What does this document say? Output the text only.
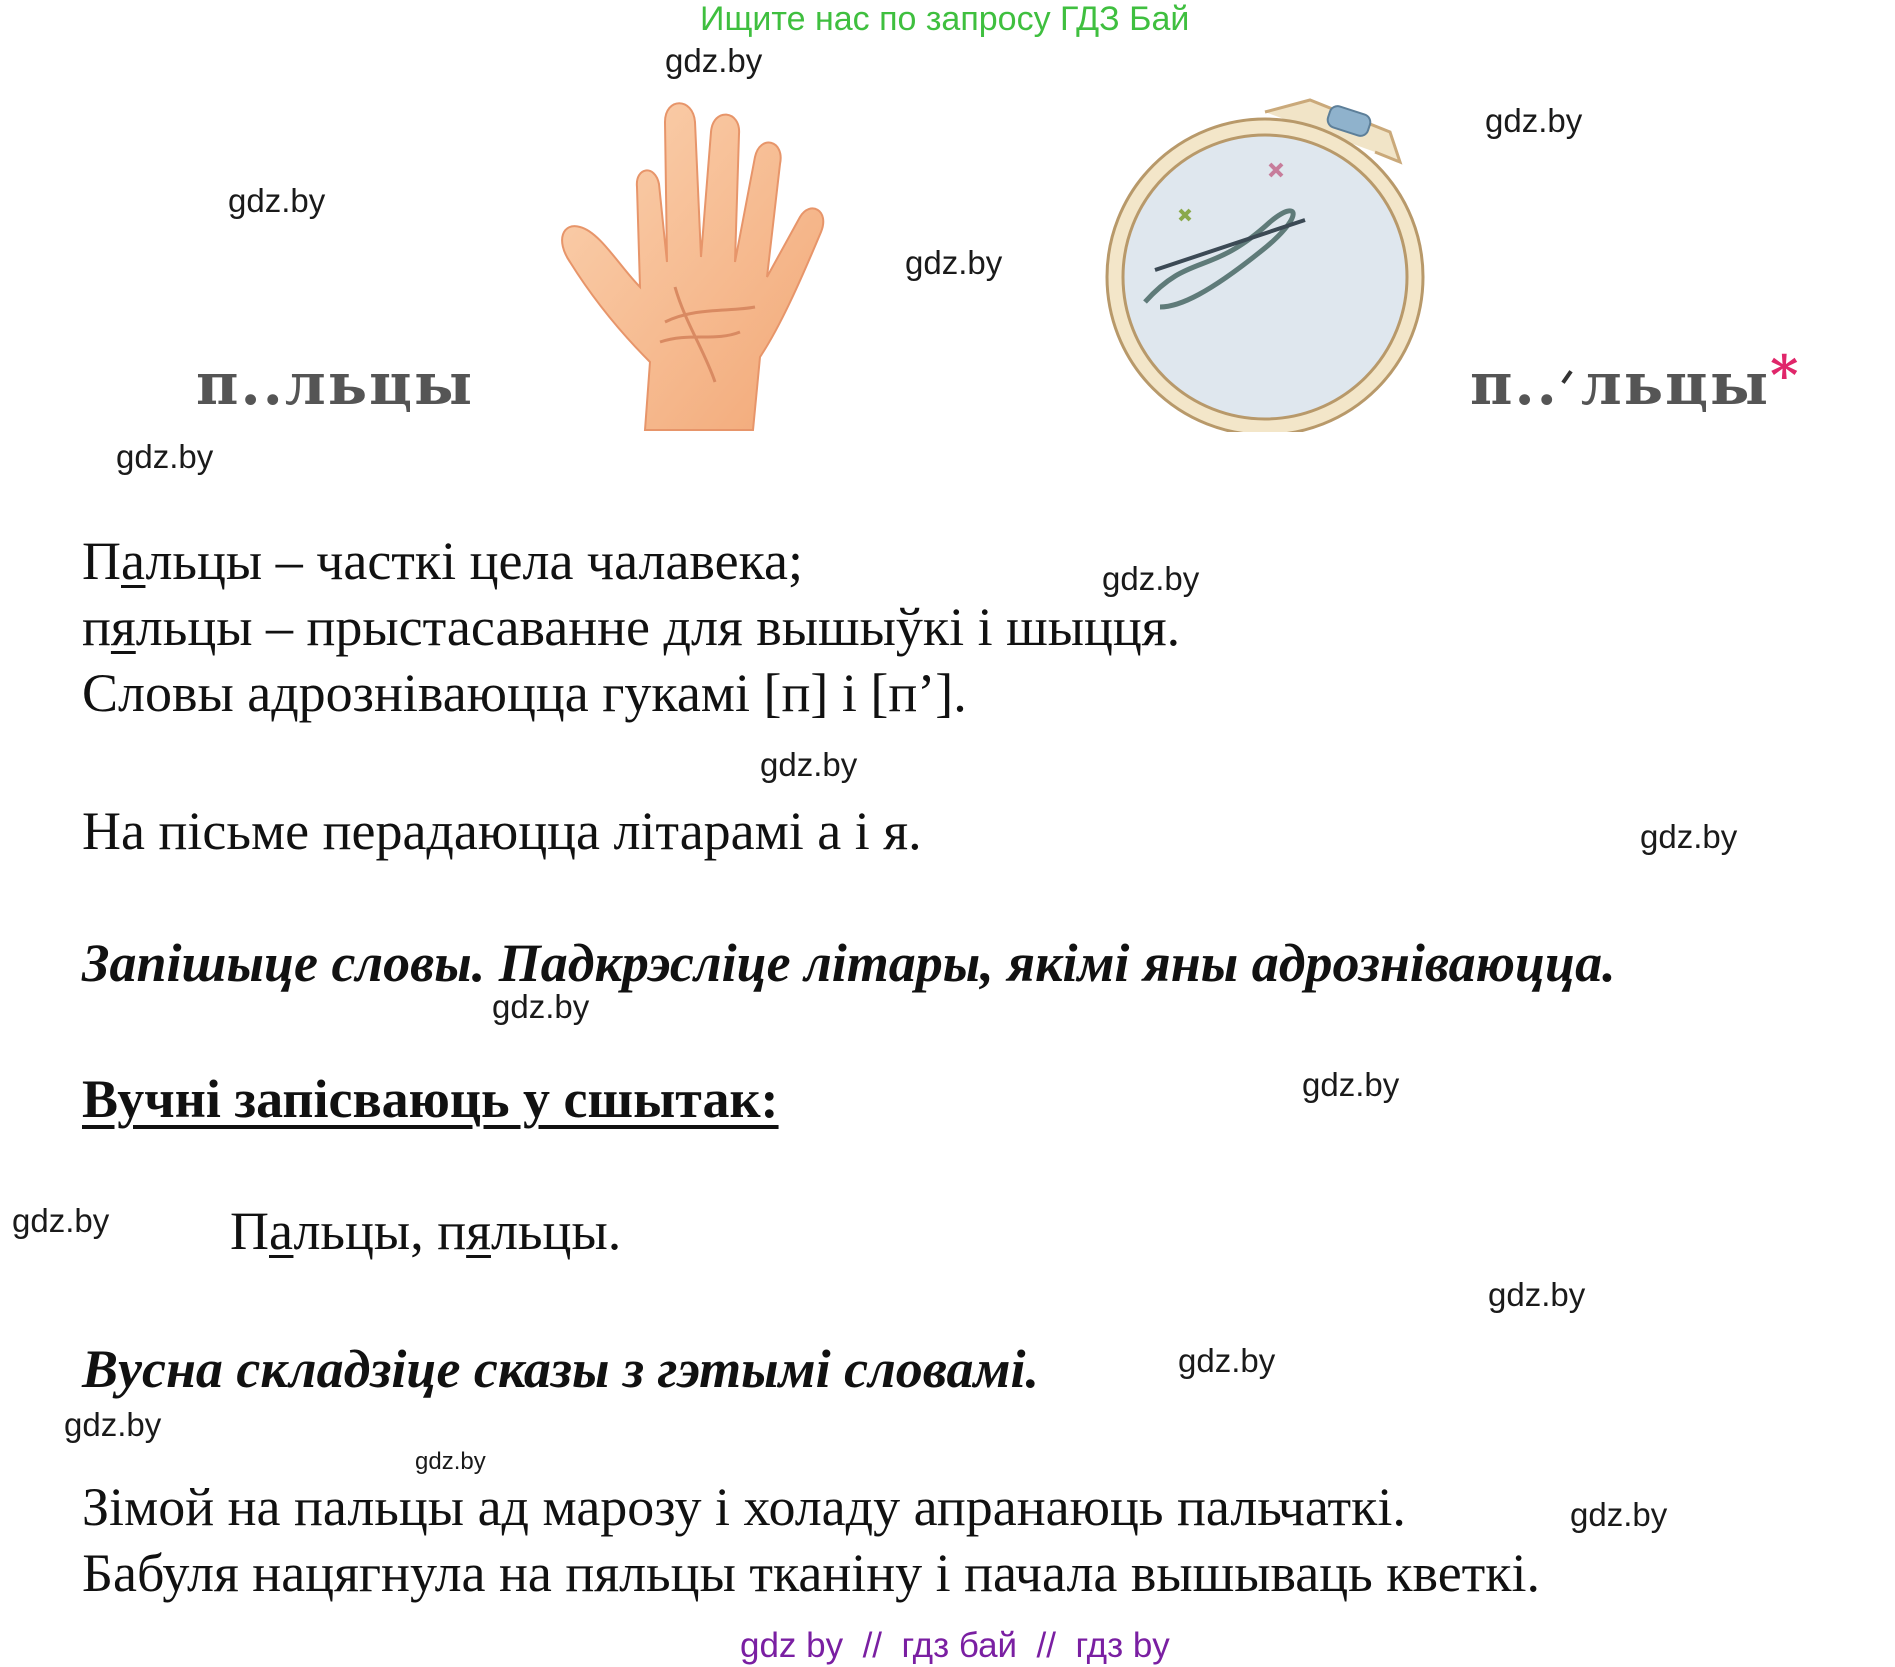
Ищите нас по запросу ГДЗ Бай
gdz.by
gdz.by
gdz.by
gdz.by
gdz.by
gdz.by
gdz.by
gdz.by
gdz.by
gdz.by
gdz.by
gdz.by
gdz.by
gdz.by
gdz.by
gdz.by
п..льцы	п.. льцы*
Пальцы – часткі цела чалавека;
пяльцы – прыстасаванне для вышыўкі і шыцця.
Словы адрозніваюцца гукамі [п] і [п’].
На пісьме перадаюцца літарамі а і я.
Запішыце словы. Падкрэсліце літары, якімі яны адрозніваюцца.
Вучні запісваюць у сшытак:
Пальцы, пяльцы.
Вусна складзіце сказы з гэтымі словамі.
Зімой на пальцы ад марозу і холаду апранаюць пальчаткі.
Бабуля нацягнула на пяльцы тканіну і пачала вышываць кветкі.
gdz by  //  гдз бай  //  гдз by
